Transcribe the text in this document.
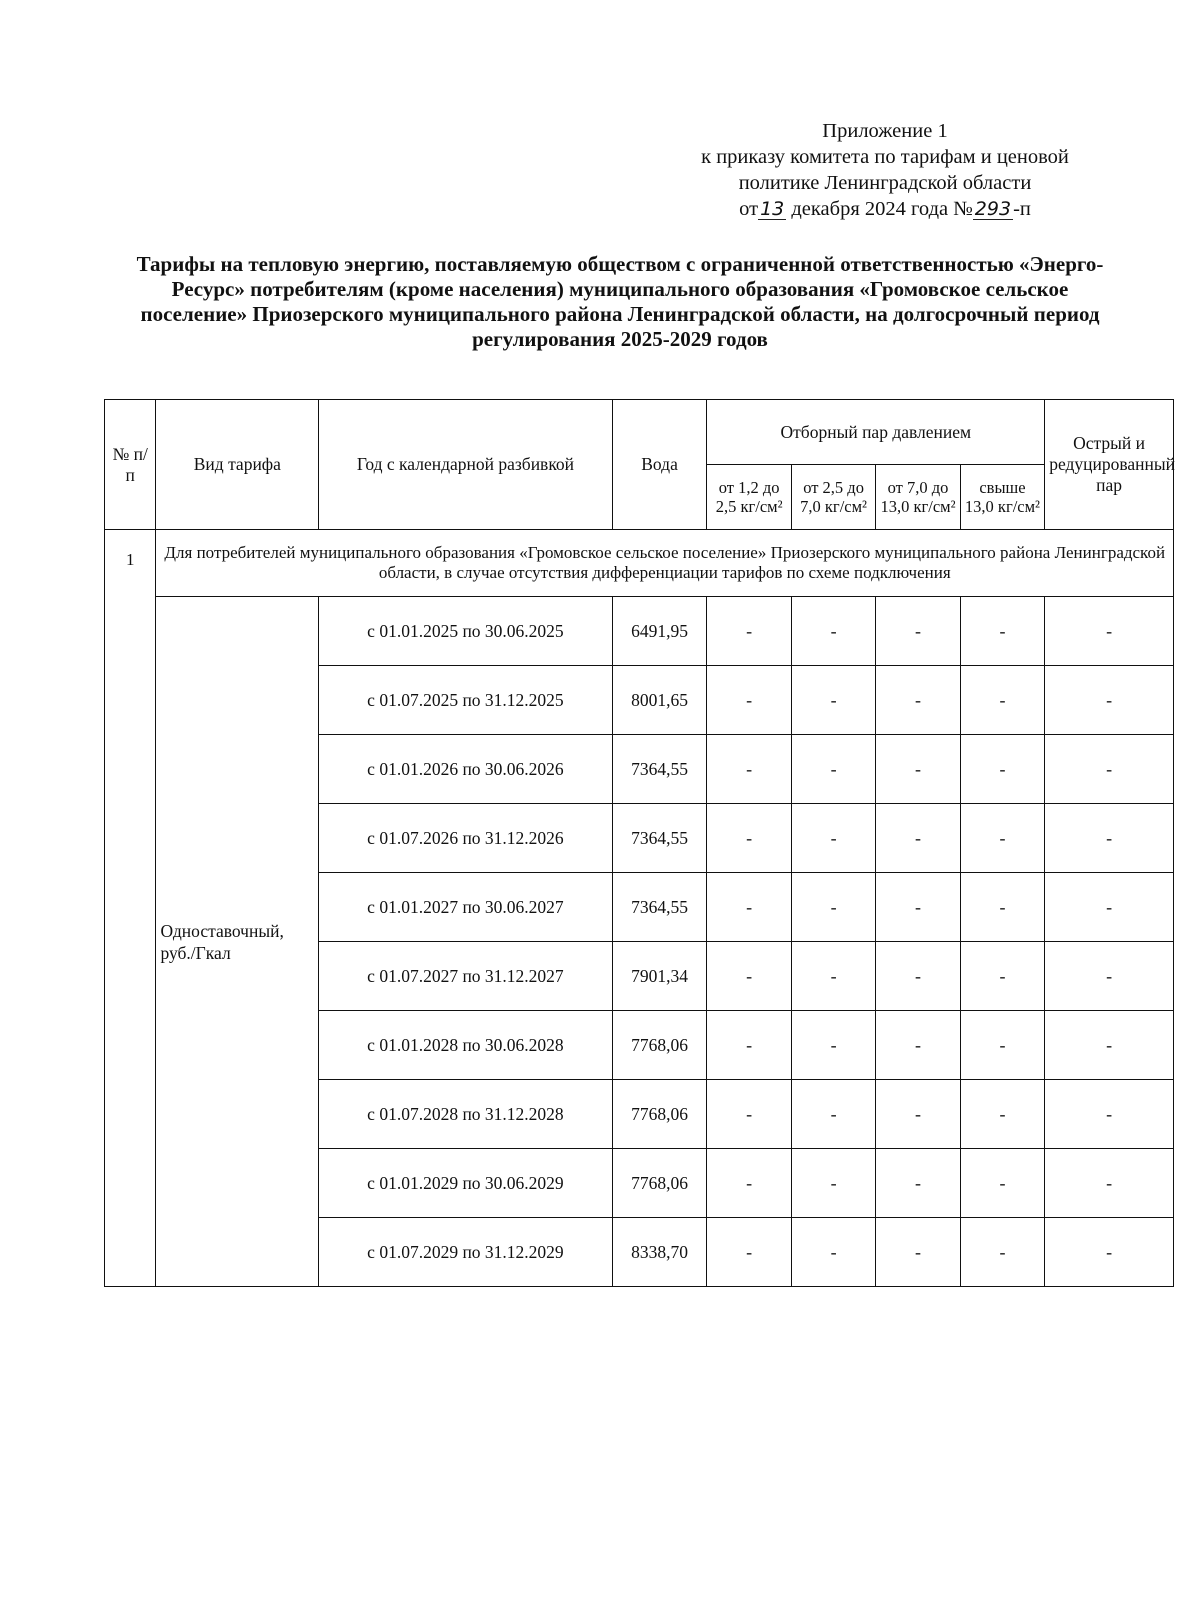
Приложение 1
к приказу комитета по тарифам и ценовой
политике Ленинградской области
от 13 декабря 2024 года № 293-п
Тарифы на тепловую энергию, поставляемую обществом с ограниченной ответственностью «Энерго-Ресурс» потребителям (кроме населения) муниципального образования «Громовское сельское поселение» Приозерского муниципального района Ленинградской области, на долгосрочный период регулирования 2025-2029 годов
№ п/п	Вид тарифа	Год с календарной разбивкой	Вода	Отборный пар давлением				Острый и редуцированный пар
				от 1,2 до 2,5 кг/см²	от 2,5 до 7,0 кг/см²	от 7,0 до 13,0 кг/см²	свыше 13,0 кг/см²	
1	Для потребителей муниципального образования «Громовское сельское поселение» Приозерского муниципального района Ленинградской области, в случае отсутствия дифференциации тарифов по схеме подключения							
	Одноставочный, руб./Гкал	с 01.01.2025 по 30.06.2025	6491,95	-	-	-	-	-
		с 01.07.2025 по 31.12.2025	8001,65	-	-	-	-	-
		с 01.01.2026 по 30.06.2026	7364,55	-	-	-	-	-
		с 01.07.2026 по 31.12.2026	7364,55	-	-	-	-	-
		с 01.01.2027 по 30.06.2027	7364,55	-	-	-	-	-
		с 01.07.2027 по 31.12.2027	7901,34	-	-	-	-	-
		с 01.01.2028 по 30.06.2028	7768,06	-	-	-	-	-
		с 01.07.2028 по 31.12.2028	7768,06	-	-	-	-	-
		с 01.01.2029 по 30.06.2029	7768,06	-	-	-	-	-
		с 01.07.2029 по 31.12.2029	8338,70	-	-	-	-	-
